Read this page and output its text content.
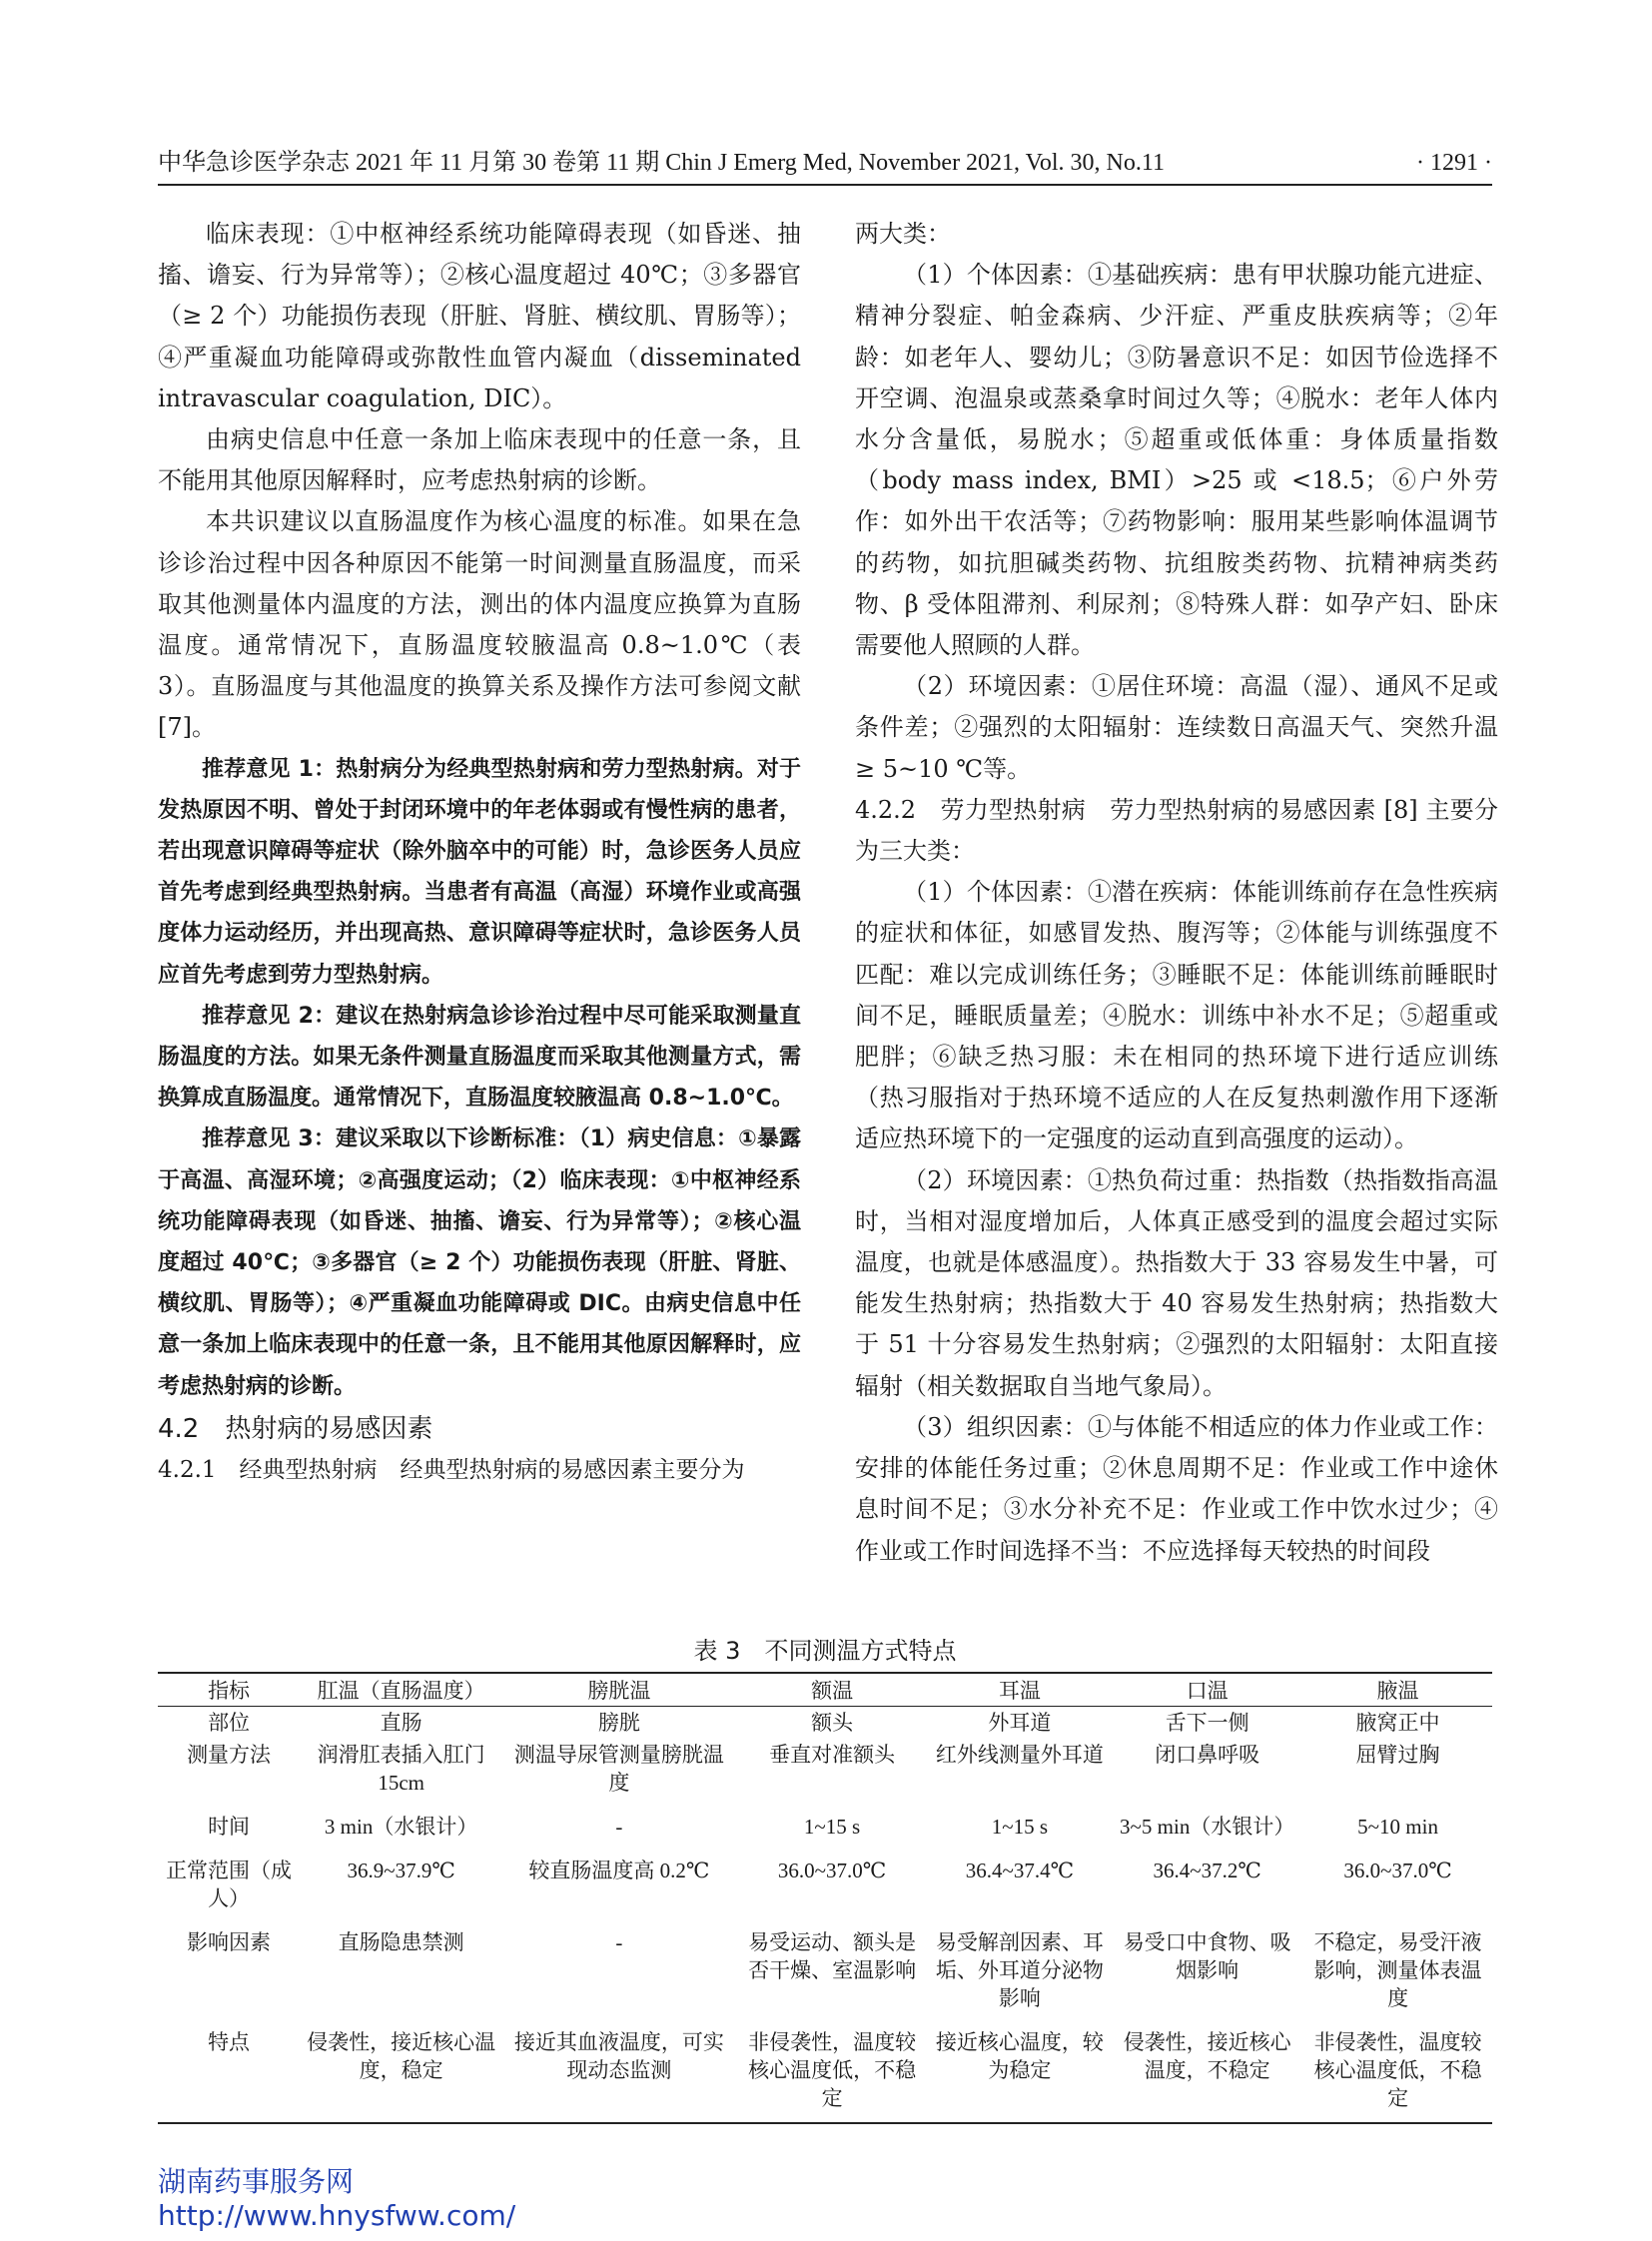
中华急诊医学杂志 2021 年 11 月第 30 卷第 11 期 Chin J Emerg Med, November 2021, Vol. 30, No.11	· 1291 ·

临床表现：①中枢神经系统功能障碍表现（如昏迷、抽搐、谵妄、行为异常等）；②核心温度超过 40℃；③多器官（≥ 2 个）功能损伤表现（肝脏、肾脏、横纹肌、胃肠等）；④严重凝血功能障碍或弥散性血管内凝血（disseminated intravascular coagulation, DIC）。

由病史信息中任意一条加上临床表现中的任意一条，且不能用其他原因解释时，应考虑热射病的诊断。

本共识建议以直肠温度作为核心温度的标准。如果在急诊诊治过程中因各种原因不能第一时间测量直肠温度，而采取其他测量体内温度的方法，测出的体内温度应换算为直肠温度。通常情况下，直肠温度较腋温高 0.8~1.0℃（表 3）。直肠温度与其他温度的换算关系及操作方法可参阅文献 [7]。

推荐意见 1：热射病分为经典型热射病和劳力型热射病。对于发热原因不明、曾处于封闭环境中的年老体弱或有慢性病的患者，若出现意识障碍等症状（除外脑卒中的可能）时，急诊医务人员应首先考虑到经典型热射病。当患者有高温（高湿）环境作业或高强度体力运动经历，并出现高热、意识障碍等症状时，急诊医务人员应首先考虑到劳力型热射病。

推荐意见 2：建议在热射病急诊诊治过程中尽可能采取测量直肠温度的方法。如果无条件测量直肠温度而采取其他测量方式，需换算成直肠温度。通常情况下，直肠温度较腋温高 0.8~1.0℃。

推荐意见 3：建议采取以下诊断标准：（1）病史信息：①暴露于高温、高湿环境；②高强度运动；（2）临床表现：①中枢神经系统功能障碍表现（如昏迷、抽搐、谵妄、行为异常等）；②核心温度超过 40℃；③多器官（≥ 2 个）功能损伤表现（肝脏、肾脏、横纹肌、胃肠等）；④严重凝血功能障碍或 DIC。由病史信息中任意一条加上临床表现中的任意一条，且不能用其他原因解释时，应考虑热射病的诊断。

4.2　热射病的易感因素

4.2.1　经典型热射病　经典型热射病的易感因素主要分为

两大类：

（1）个体因素：①基础疾病：患有甲状腺功能亢进症、精神分裂症、帕金森病、少汗症、严重皮肤疾病等；②年龄：如老年人、婴幼儿；③防暑意识不足：如因节俭选择不开空调、泡温泉或蒸桑拿时间过久等；④脱水：老年人体内水分含量低，易脱水；⑤超重或低体重：身体质量指数（body mass index, BMI）>25 或 <18.5；⑥户外劳作：如外出干农活等；⑦药物影响：服用某些影响体温调节的药物，如抗胆碱类药物、抗组胺类药物、抗精神病类药物、β 受体阻滞剂、利尿剂；⑧特殊人群：如孕产妇、卧床需要他人照顾的人群。

（2）环境因素：①居住环境：高温（湿）、通风不足或条件差；②强烈的太阳辐射：连续数日高温天气、突然升温≥ 5~10 ℃等。

4.2.2　劳力型热射病　劳力型热射病的易感因素 [8] 主要分为三大类：

（1）个体因素：①潜在疾病：体能训练前存在急性疾病的症状和体征，如感冒发热、腹泻等；②体能与训练强度不匹配：难以完成训练任务；③睡眠不足：体能训练前睡眠时间不足，睡眠质量差；④脱水：训练中补水不足；⑤超重或肥胖；⑥缺乏热习服：未在相同的热环境下进行适应训练（热习服指对于热环境不适应的人在反复热刺激作用下逐渐适应热环境下的一定强度的运动直到高强度的运动）。

（2）环境因素：①热负荷过重：热指数（热指数指高温时，当相对湿度增加后，人体真正感受到的温度会超过实际温度，也就是体感温度）。热指数大于 33 容易发生中暑，可能发生热射病；热指数大于 40 容易发生热射病；热指数大于 51 十分容易发生热射病；②强烈的太阳辐射：太阳直接辐射（相关数据取自当地气象局）。

（3）组织因素：①与体能不相适应的体力作业或工作：安排的体能任务过重；②休息周期不足：作业或工作中途休息时间不足；③水分补充不足：作业或工作中饮水过少；④作业或工作时间选择不当：不应选择每天较热的时间段

表 3　不同测温方式特点
指标	肛温（直肠温度）	膀胱温	额温	耳温	口温	腋温
部位	直肠	膀胱	额头	外耳道	舌下一侧	腋窝正中
测量方法	润滑肛表插入肛门 15cm	测温导尿管测量膀胱温度	垂直对准额头	红外线测量外耳道	闭口鼻呼吸	屈臂过胸
时间	3 min（水银计）	-	1~15 s	1~15 s	3~5 min（水银计）	5~10 min
正常范围（成人）	36.9~37.9℃	较直肠温度高 0.2℃	36.0~37.0℃	36.4~37.4℃	36.4~37.2℃	36.0~37.0℃
影响因素	直肠隐患禁测	-	易受运动、额头是否干燥、室温影响	易受解剖因素、耳垢、外耳道分泌物影响	易受口中食物、吸烟影响	不稳定，易受汗液影响，测量体表温度
特点	侵袭性，接近核心温度，稳定	接近其血液温度，可实现动态监测	非侵袭性，温度较核心温度低，不稳定	接近核心温度，较为稳定	侵袭性，接近核心温度，不稳定	非侵袭性，温度较核心温度低，不稳定
湖南药事服务网
http://www.hnysfww.com/
